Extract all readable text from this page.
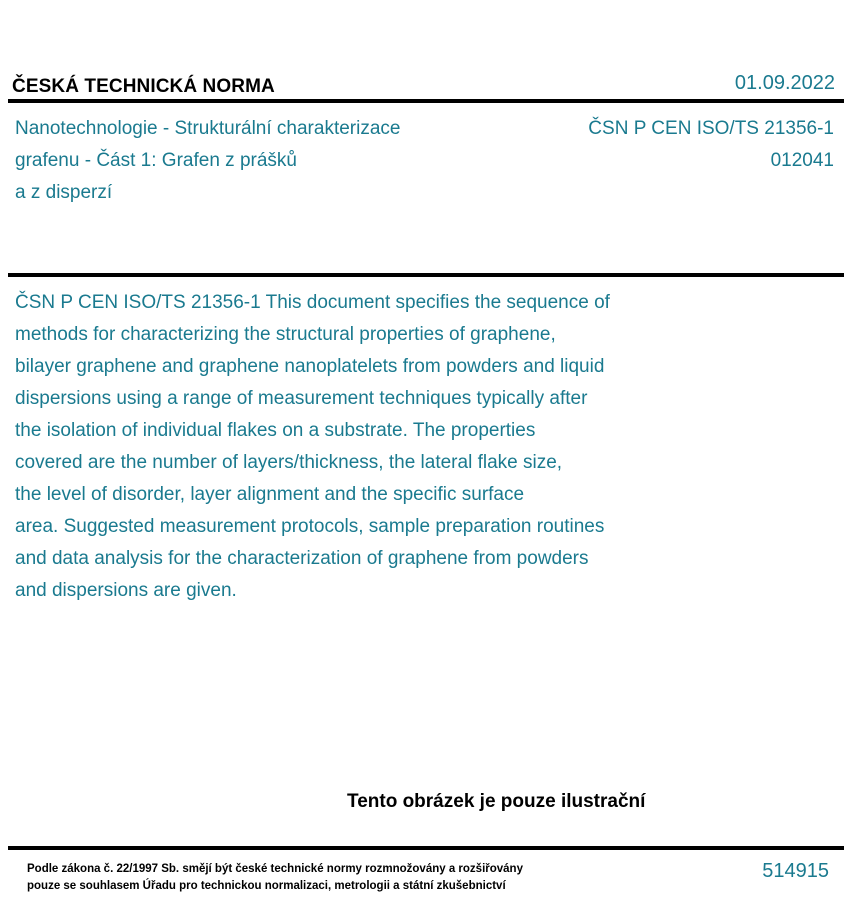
ČESKÁ TECHNICKÁ NORMA	01.09.2022
Nanotechnologie - Strukturální charakterizace
grafenu - Část 1: Grafen z prášků
a z disperzí
ČSN P CEN ISO/TS 21356-1
012041
ČSN P CEN ISO/TS 21356-1 This document specifies the sequence of
methods for characterizing the structural properties of graphene,
bilayer graphene and graphene nanoplatelets from powders and liquid
dispersions using a range of measurement techniques typically after
the isolation of individual flakes on a substrate. The properties
covered are the number of layers/thickness, the lateral flake size,
the level of disorder, layer alignment and the specific surface
area. Suggested measurement protocols, sample preparation routines
and data analysis for the characterization of graphene from powders
and dispersions are given.
Tento obrázek je pouze ilustrační
Podle zákona č. 22/1997 Sb. smějí být české technické normy rozmnožovány a rozšiřovány
pouze se souhlasem Úřadu pro technickou normalizaci, metrologii a státní zkušebnictví
514915
